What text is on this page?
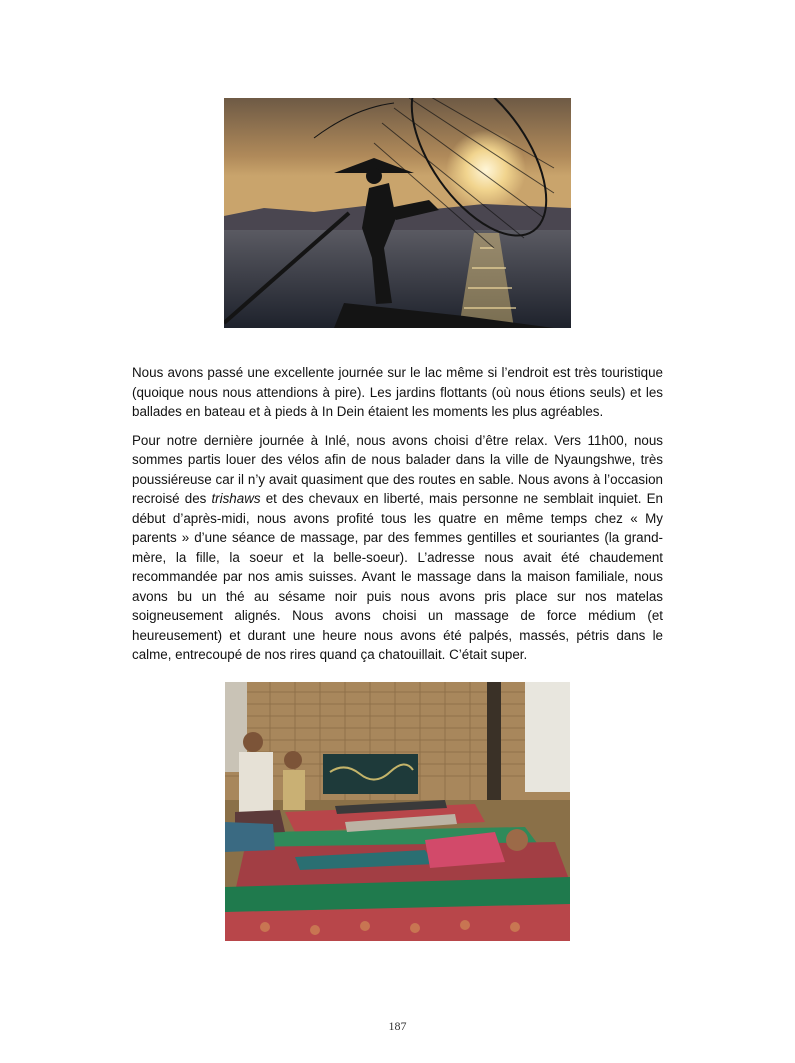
Nous avons passé une excellente journée sur le lac même si l’endroit est très touristique (quoique nous nous attendions à pire). Les jardins flottants (où nous étions seuls) et les ballades en bateau et à pieds à In Dein étaient les moments les plus agréables.

Pour notre dernière journée à Inlé, nous avons choisi d’être relax. Vers 11h00, nous sommes partis louer des vélos afin de nous balader dans la ville de Nyaungshwe, très poussiéreuse car il n’y avait quasiment que des routes en sable. Nous avons à l’occasion recroisé des trishaws et des chevaux en liberté, mais personne ne semblait inquiet. En début d’après-midi, nous avons profité tous les quatre en même temps chez « My parents » d’une séance de massage, par des femmes gentilles et souriantes (la grand-mère, la fille, la soeur et la belle-soeur). L’adresse nous avait été chaudement recommandée par nos amis suisses. Avant le massage dans la maison familiale, nous avons bu un thé au sésame noir puis nous avons pris place sur nos matelas soigneusement alignés. Nous avons choisi un massage de force médium (et heureusement) et durant une heure nous avons été palpés, massés, pétris dans le calme, entrecoupé de nos rires quand ça chatouillait. C’était super.

187
